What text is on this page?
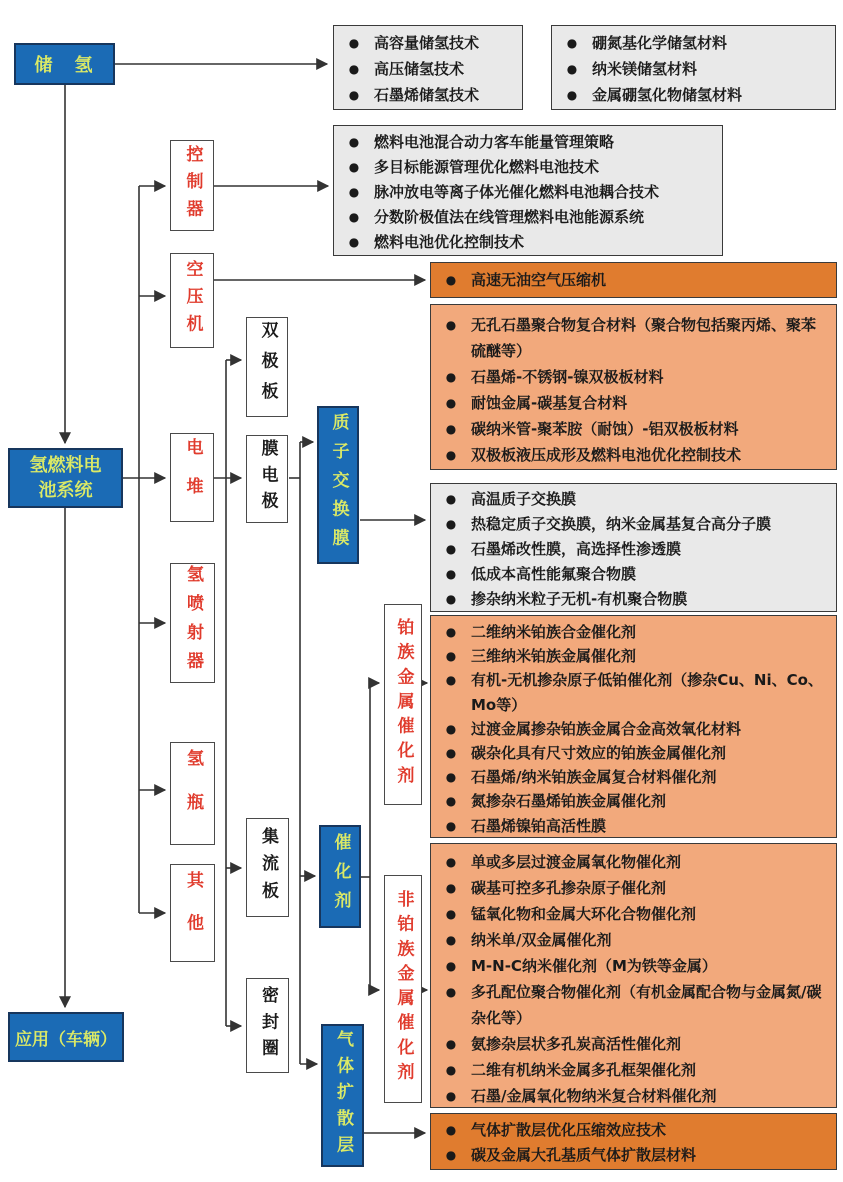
储　氢
氢燃料电池系统
应用（车辆）
控制器
空压机
电堆
氢喷射器
氢瓶
其他
双极板
膜电极
集流板
密封圈
质子交换膜
催化剂
气体扩散层
铂族金属催化剂
非铂族金属催化剂
● 高容量储氢技术
● 高压储氢技术
● 石墨烯储氢技术
● 硼氮基化学储氢材料
● 纳米镁储氢材料
● 金属硼氢化物储氢材料
● 燃料电池混合动力客车能量管理策略
● 多目标能源管理优化燃料电池技术
● 脉冲放电等离子体光催化燃料电池耦合技术
● 分数阶极值法在线管理燃料电池能源系统
● 燃料电池优化控制技术
● 高速无油空气压缩机
● 无孔石墨聚合物复合材料（聚合物包括聚丙烯、聚苯硫醚等）
● 石墨烯-不锈钢-镍双极板材料
● 耐蚀金属-碳基复合材料
● 碳纳米管-聚苯胺（耐蚀）-铝双极板材料
● 双极板液压成形及燃料电池优化控制技术
● 高温质子交换膜
● 热稳定质子交换膜，纳米金属基复合高分子膜
● 石墨烯改性膜，高选择性渗透膜
● 低成本高性能氟聚合物膜
● 掺杂纳米粒子无机-有机聚合物膜
● 二维纳米铂族合金催化剂
● 三维纳米铂族金属催化剂
● 有机-无机掺杂原子低铂催化剂（掺杂Cu、Ni、Co、Mo等）
● 过渡金属掺杂铂族金属合金高效氧化材料
● 碳杂化具有尺寸效应的铂族金属催化剂
● 石墨烯/纳米铂族金属复合材料催化剂
● 氮掺杂石墨烯铂族金属催化剂
● 石墨烯镍铂高活性膜
● 单或多层过渡金属氧化物催化剂
● 碳基可控多孔掺杂原子催化剂
● 锰氧化物和金属大环化合物催化剂
● 纳米单/双金属催化剂
● M-N-C纳米催化剂（M为铁等金属）
● 多孔配位聚合物催化剂（有机金属配合物与金属氮/碳杂化等）
● 氨掺杂层状多孔炭高活性催化剂
● 二维有机纳米金属多孔框架催化剂
● 石墨/金属氧化物纳米复合材料催化剂
● 气体扩散层优化压缩效应技术
● 碳及金属大孔基质气体扩散层材料
